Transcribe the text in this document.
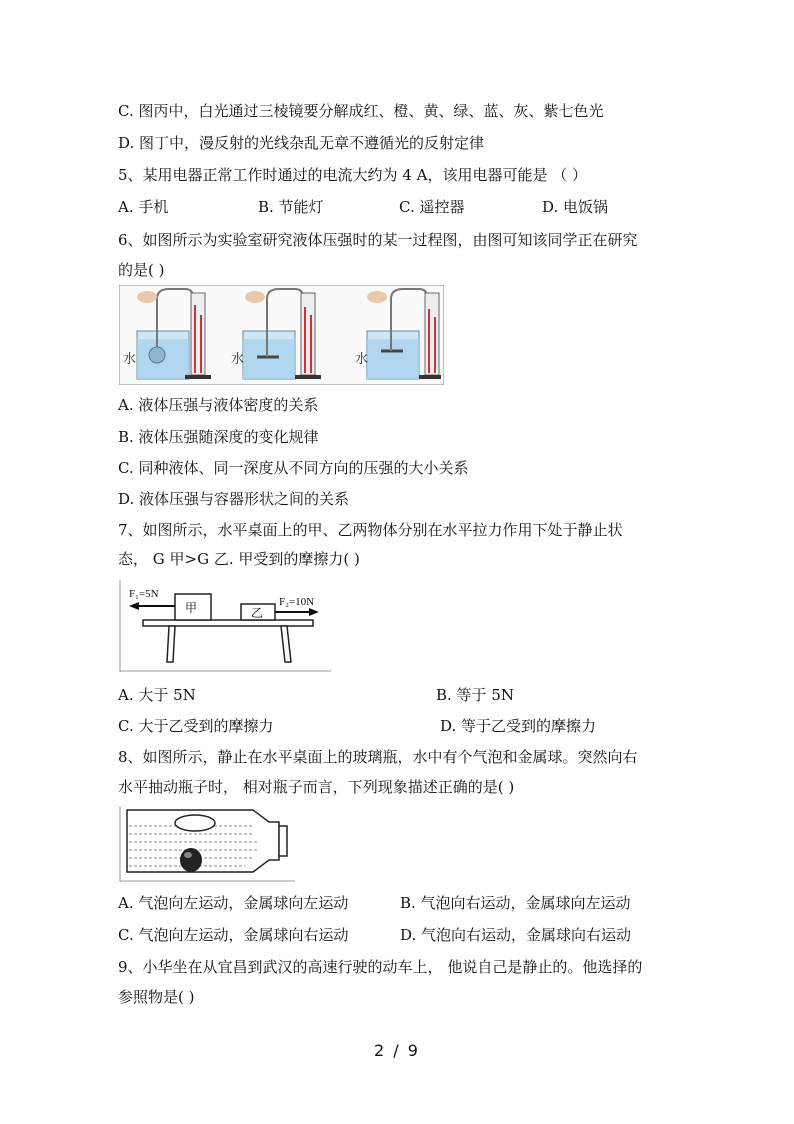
C. 图丙中，白光通过三棱镜要分解成红、橙、黄、绿、蓝、灰、紫七色光
D. 图丁中，漫反射的光线杂乱无章不遵循光的反射定律
5、某用电器正常工作时通过的电流大约为 4 A，该用电器可能是 （ ）
A. 手机	B. 节能灯	C. 遥控器	D. 电饭锅
6、如图所示为实验室研究液体压强时的某一过程图，由图可知该同学正在研究
的是( )
水	水	水
A. 液体压强与液体密度的关系
B. 液体压强随深度的变化规律
C. 同种液体、同一深度从不同方向的压强的大小关系
D. 液体压强与容器形状之间的关系
7、如图所示，水平桌面上的甲、乙两物体分别在水平拉力作用下处于静止状
态， G 甲>G 乙. 甲受到的摩擦力( )
甲	乙
F₁=5N
F₂=10N
A. 大于 5N	B. 等于 5N
C. 大于乙受到的摩擦力	D. 等于乙受到的摩擦力
8、如图所示，静止在水平桌面上的玻璃瓶，水中有个气泡和金属球。突然向右
水平抽动瓶子时， 相对瓶子而言，下列现象描述正确的是( )
A. 气泡向左运动，金属球向左运动	B. 气泡向右运动，金属球向左运动
C. 气泡向左运动，金属球向右运动	D. 气泡向右运动，金属球向右运动
9、小华坐在从宜昌到武汉的高速行驶的动车上， 他说自己是静止的。他选择的
参照物是( )
2 / 9
